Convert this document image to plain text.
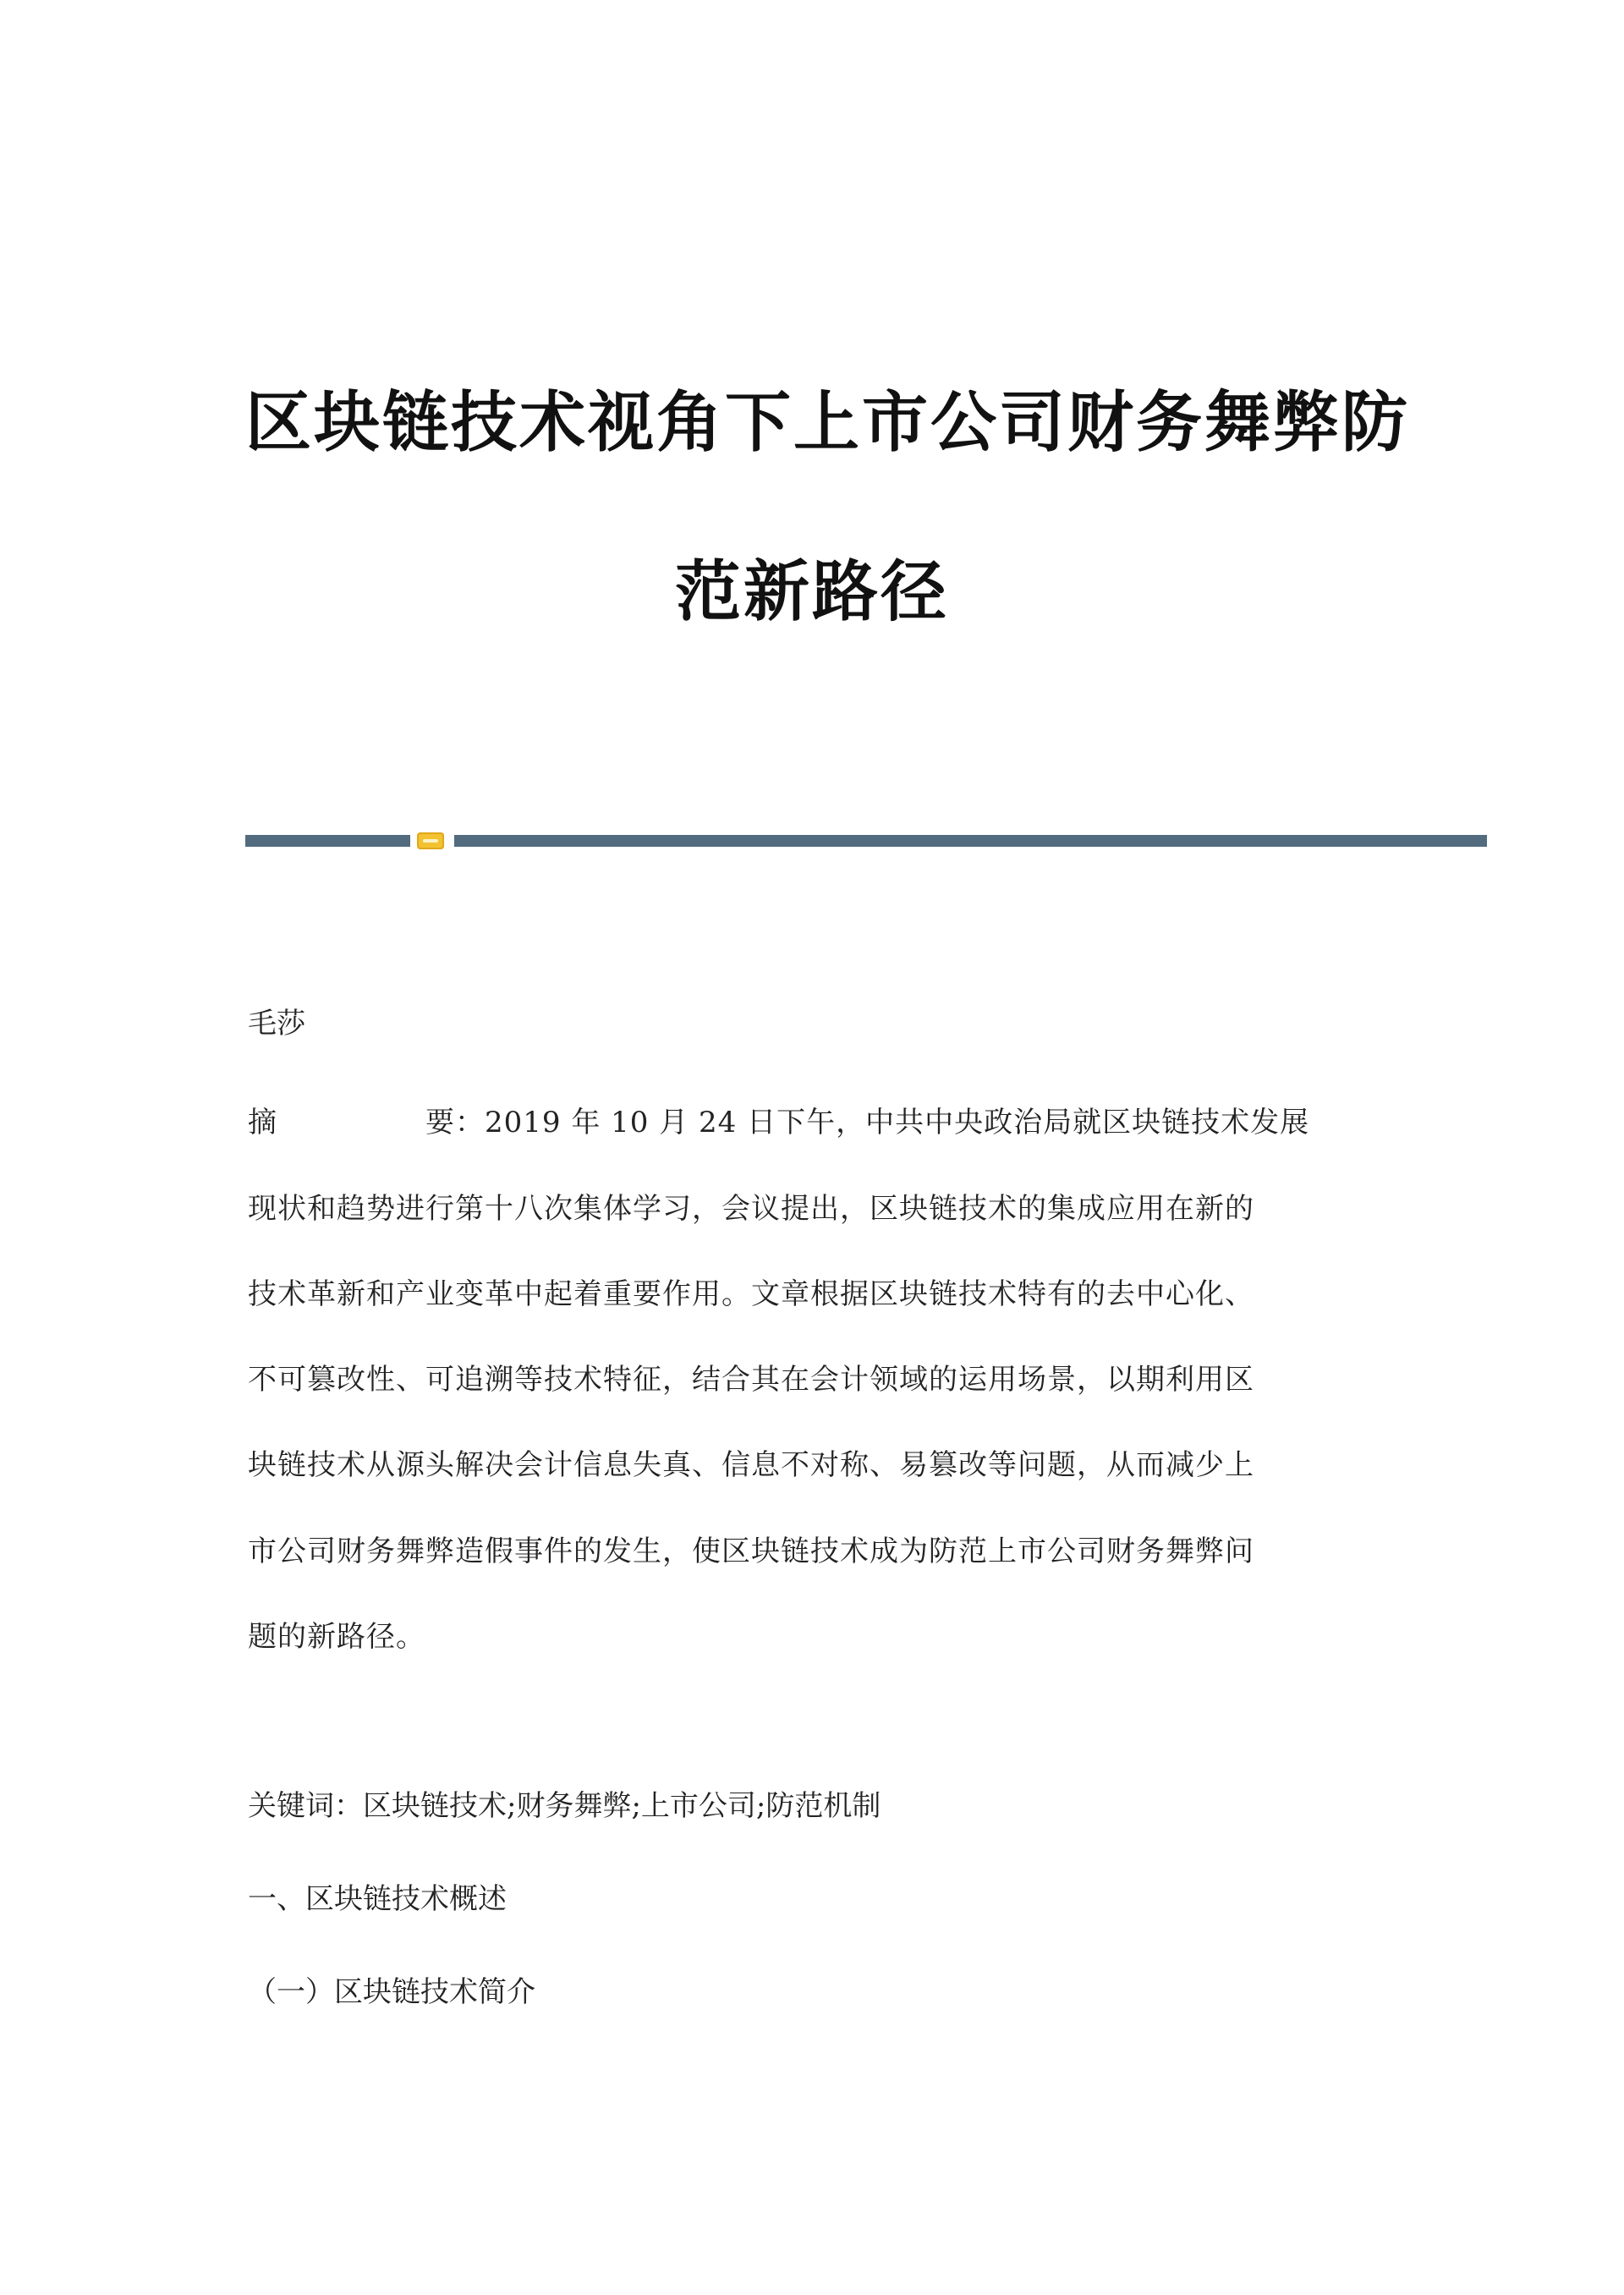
区块链技术视角下上市公司财务舞弊防
范新路径
毛莎
摘	要：2019 年 10 月 24 日下午，中共中央政治局就区块链技术发展
现状和趋势进行第十八次集体学习，会议提出，区块链技术的集成应用在新的
技术革新和产业变革中起着重要作用。文章根据区块链技术特有的去中心化、
不可篡改性、可追溯等技术特征，结合其在会计领域的运用场景，以期利用区
块链技术从源头解决会计信息失真、信息不对称、易篡改等问题，从而减少上
市公司财务舞弊造假事件的发生，使区块链技术成为防范上市公司财务舞弊问
题的新路径。
关键词：区块链技术;财务舞弊;上市公司;防范机制
一、区块链技术概述
（一）区块链技术简介
